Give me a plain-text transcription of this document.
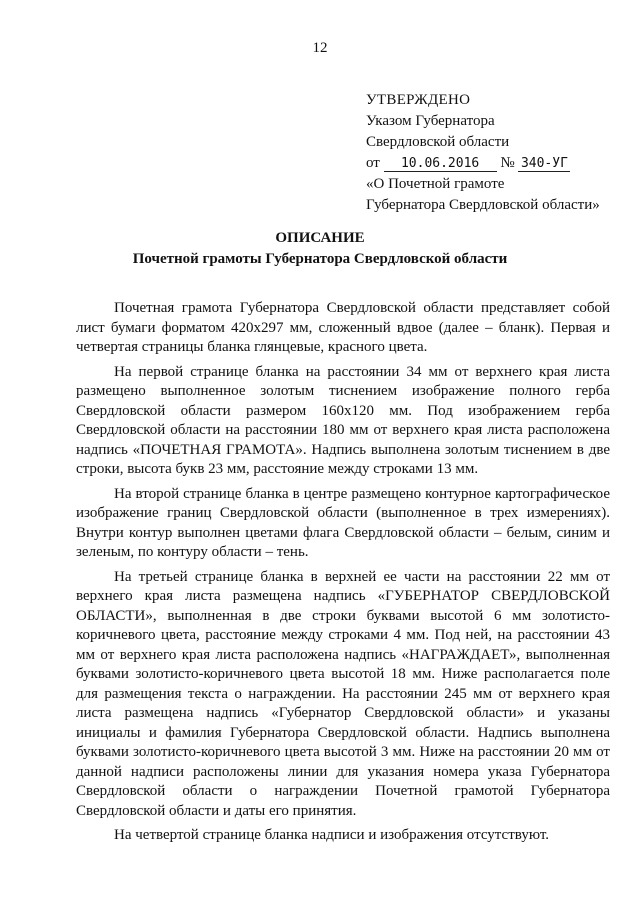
12
УТВЕРЖДЕНО
Указом Губернатора
Свердловской области
от 10.06.2016 № 340-УГ
«О Почетной грамоте
Губернатора Свердловской области»
ОПИСАНИЕ
Почетной грамоты Губернатора Свердловской области

Почетная грамота Губернатора Свердловской области представляет собой лист бумаги форматом 420х297 мм, сложенный вдвое (далее – бланк). Первая и четвертая страницы бланка глянцевые, красного цвета.

На первой странице бланка на расстоянии 34 мм от верхнего края листа размещено выполненное золотым тиснением изображение полного герба Свердловской области размером 160х120 мм. Под изображением герба Свердловской области на расстоянии 180 мм от верхнего края листа расположена надпись «ПОЧЕТНАЯ ГРАМОТА». Надпись выполнена золотым тиснением в две строки, высота букв 23 мм, расстояние между строками 13 мм.

На второй странице бланка в центре размещено контурное картографическое изображение границ Свердловской области (выполненное в трех измерениях). Внутри контур выполнен цветами флага Свердловской области – белым, синим и зеленым, по контуру области – тень.

На третьей странице бланка в верхней ее части на расстоянии 22 мм от верхнего края листа размещена надпись «ГУБЕРНАТОР СВЕРДЛОВСКОЙ ОБЛАСТИ», выполненная в две строки буквами высотой 6 мм золотисто-коричневого цвета, расстояние между строками 4 мм. Под ней, на расстоянии 43 мм от верхнего края листа расположена надпись «НАГРАЖДАЕТ», выполненная буквами золотисто-коричневого цвета высотой 18 мм. Ниже располагается поле для размещения текста о награждении. На расстоянии 245 мм от верхнего края листа размещена надпись «Губернатор Свердловской области» и указаны инициалы и фамилия Губернатора Свердловской области. Надпись выполнена буквами золотисто-коричневого цвета высотой 3 мм. Ниже на расстоянии 20 мм от данной надписи расположены линии для указания номера указа Губернатора Свердловской области о награждении Почетной грамотой Губернатора Свердловской области и даты его принятия.

На четвертой странице бланка надписи и изображения отсутствуют.
